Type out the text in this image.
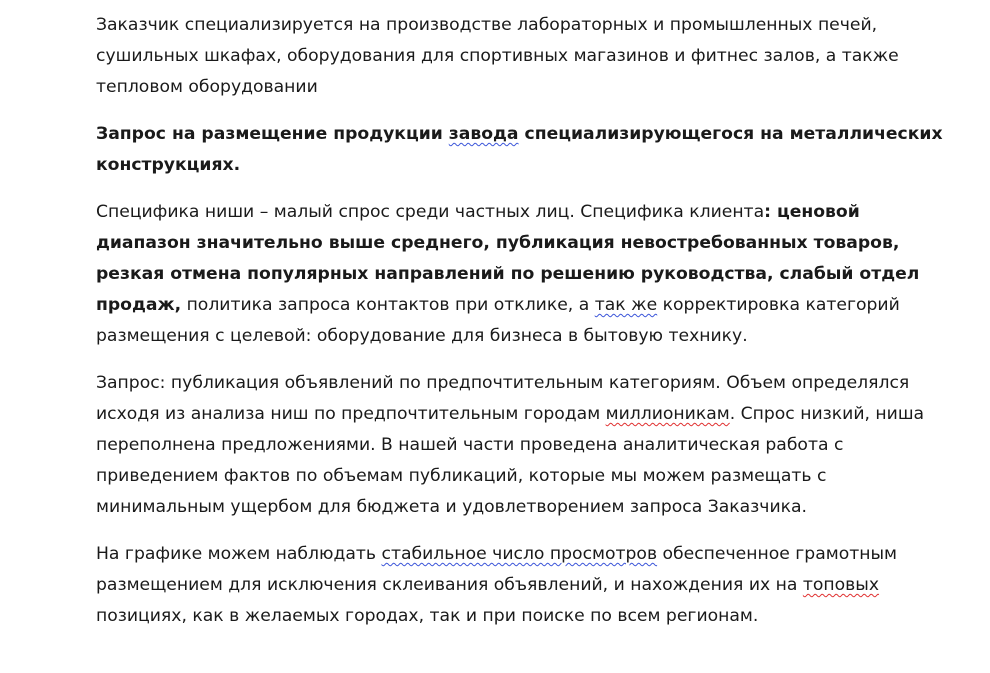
Заказчик специализируется на производстве лабораторных и промышленных печей, сушильных шкафах, оборудования для спортивных магазинов и фитнес залов, а также тепловом оборудовании

Запрос на размещение продукции завода специализирующегося на металлических конструкциях.

Специфика ниши – малый спрос среди частных лиц. Специфика клиента: ценовой диапазон значительно выше среднего, публикация невостребованных товаров, резкая отмена популярных направлений по решению руководства, слабый отдел продаж, политика запроса контактов при отклике, а так же корректировка категорий размещения с целевой: оборудование для бизнеса в бытовую технику.

Запрос: публикация объявлений по предпочтительным категориям. Объем определялся исходя из анализа ниш по предпочтительным городам миллионикам. Спрос низкий, ниша переполнена предложениями. В нашей части проведена аналитическая работа с приведением фактов по объемам публикаций, которые мы можем размещать с минимальным ущербом для бюджета и удовлетворением запроса Заказчика.

На графике можем наблюдать стабильное число просмотров обеспеченное грамотным размещением для исключения склеивания объявлений, и нахождения их на топовых позициях, как в желаемых городах, так и при поиске по всем регионам.
